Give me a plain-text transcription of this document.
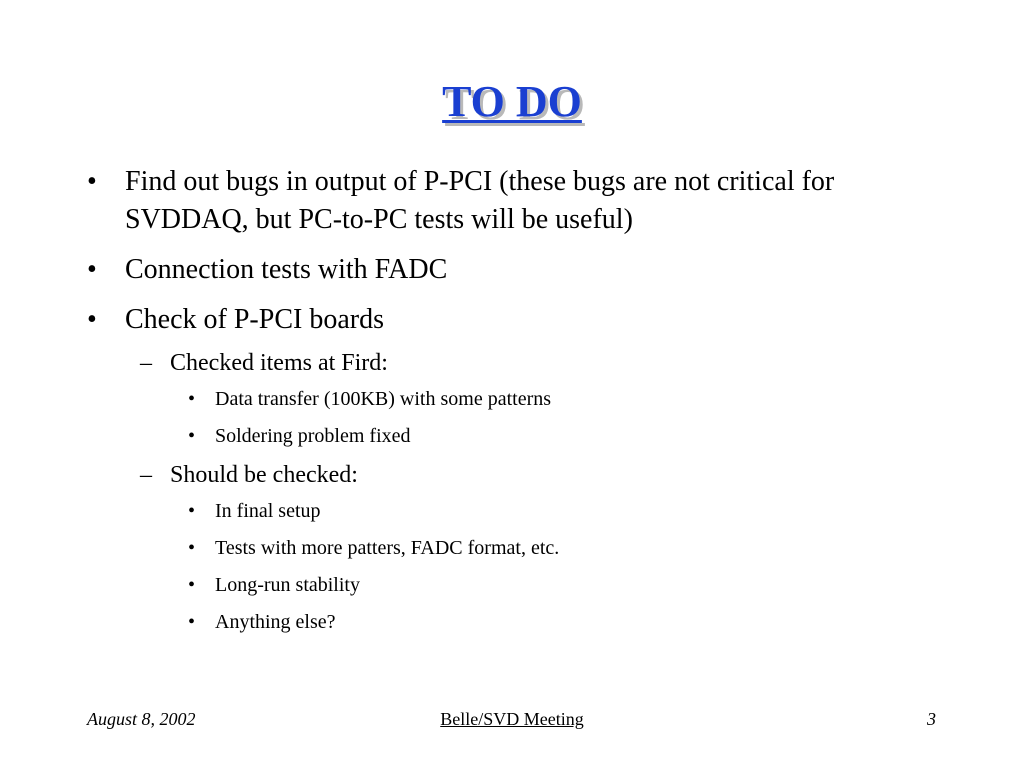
TO DO
• Find out bugs in output of P-PCI (these bugs are not critical for SVDDAQ, but PC-to-PC tests will be useful)
• Connection tests with FADC
• Check of P-PCI boards
– Checked items at Fird:
• Data transfer (100KB) with some patterns
• Soldering problem fixed
– Should be checked:
• In final setup
• Tests with more patters, FADC format, etc.
• Long-run stability
• Anything else?
August 8, 2002	Belle/SVD Meeting	3
